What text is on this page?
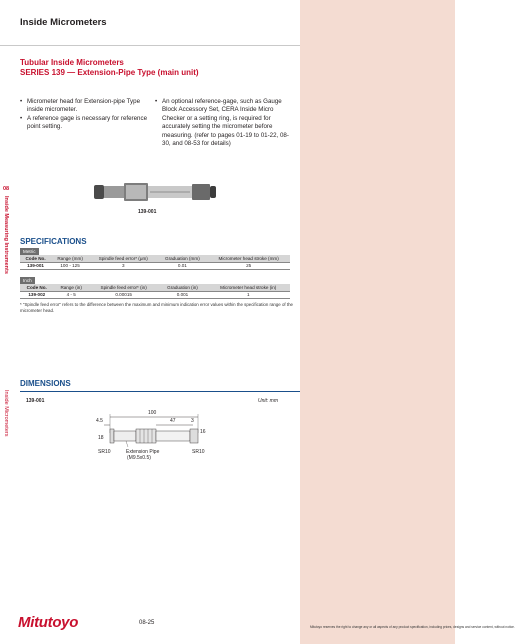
Inside Micrometers
Tubular Inside Micrometers
SERIES 139 — Extension-Pipe Type (main unit)
• Micrometer head for Extension-pipe Type inside micrometer.
• A reference gage is necessary for reference point setting.
• An optional reference-gage, such as Gauge Block Accessory Set, CERA Inside Micro Checker or a setting ring, is required for accurately setting the micrometer before measuring. (refer to pages 01-19 to 01-22, 08-30, and 08-53 for details)
08
Inside Measuring Instruments
Inside Micrometers
139-001
SPECIFICATIONS
Metric
Code No.	Range (mm)	Spindle feed error* (μm)	Graduation (mm)	Micrometer head stroke (mm)
139-001	100 - 125	3	0.01	25
Inch
Code No.	Range (in)	Spindle feed error* (in)	Graduation (in)	Micrometer head stroke (in)
139-002	4 - 5	0.00015	0.001	1
* "Spindle feed error" refers to the difference between the maximum and minimum indication error values within the specification range of the micrometer head.
DIMENSIONS
139-001	Unit: mm
100
47	3
4.5
18
16
SR10	SR10
Extension Pipe
(M9.5x0.5)
Mitutoyo	08-25
Mitutoyo reserves the right to change any or all aspects of any product specification, including prices, designs and service content, without notice.
